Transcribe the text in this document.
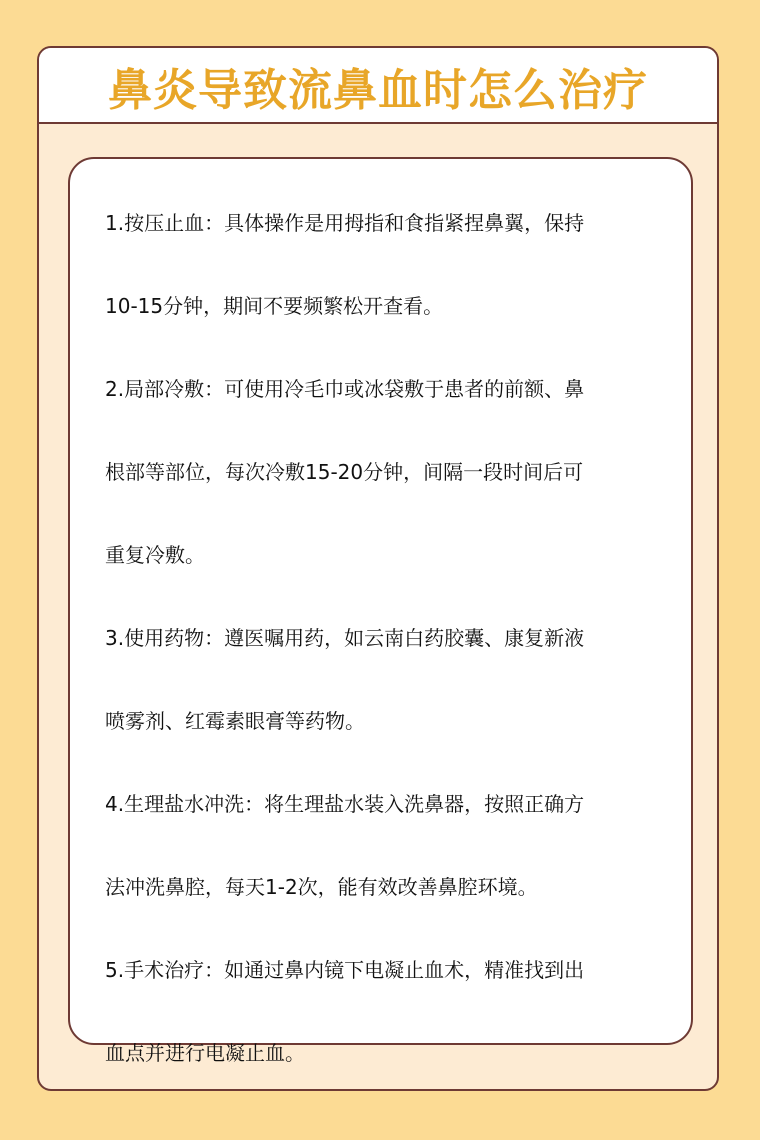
鼻炎导致流鼻血时怎么治疗

1.按压止血：具体操作是用拇指和食指紧捏鼻翼，保持
10-15分钟，期间不要频繁松开查看。

2.局部冷敷：可使用冷毛巾或冰袋敷于患者的前额、鼻
根部等部位，每次冷敷15-20分钟，间隔一段时间后可
重复冷敷。

3.使用药物：遵医嘱用药，如云南白药胶囊、康复新液
喷雾剂、红霉素眼膏等药物。

4.生理盐水冲洗：将生理盐水装入洗鼻器，按照正确方
法冲洗鼻腔，每天1-2次，能有效改善鼻腔环境。

5.手术治疗：如通过鼻内镜下电凝止血术，精准找到出
血点并进行电凝止血。
